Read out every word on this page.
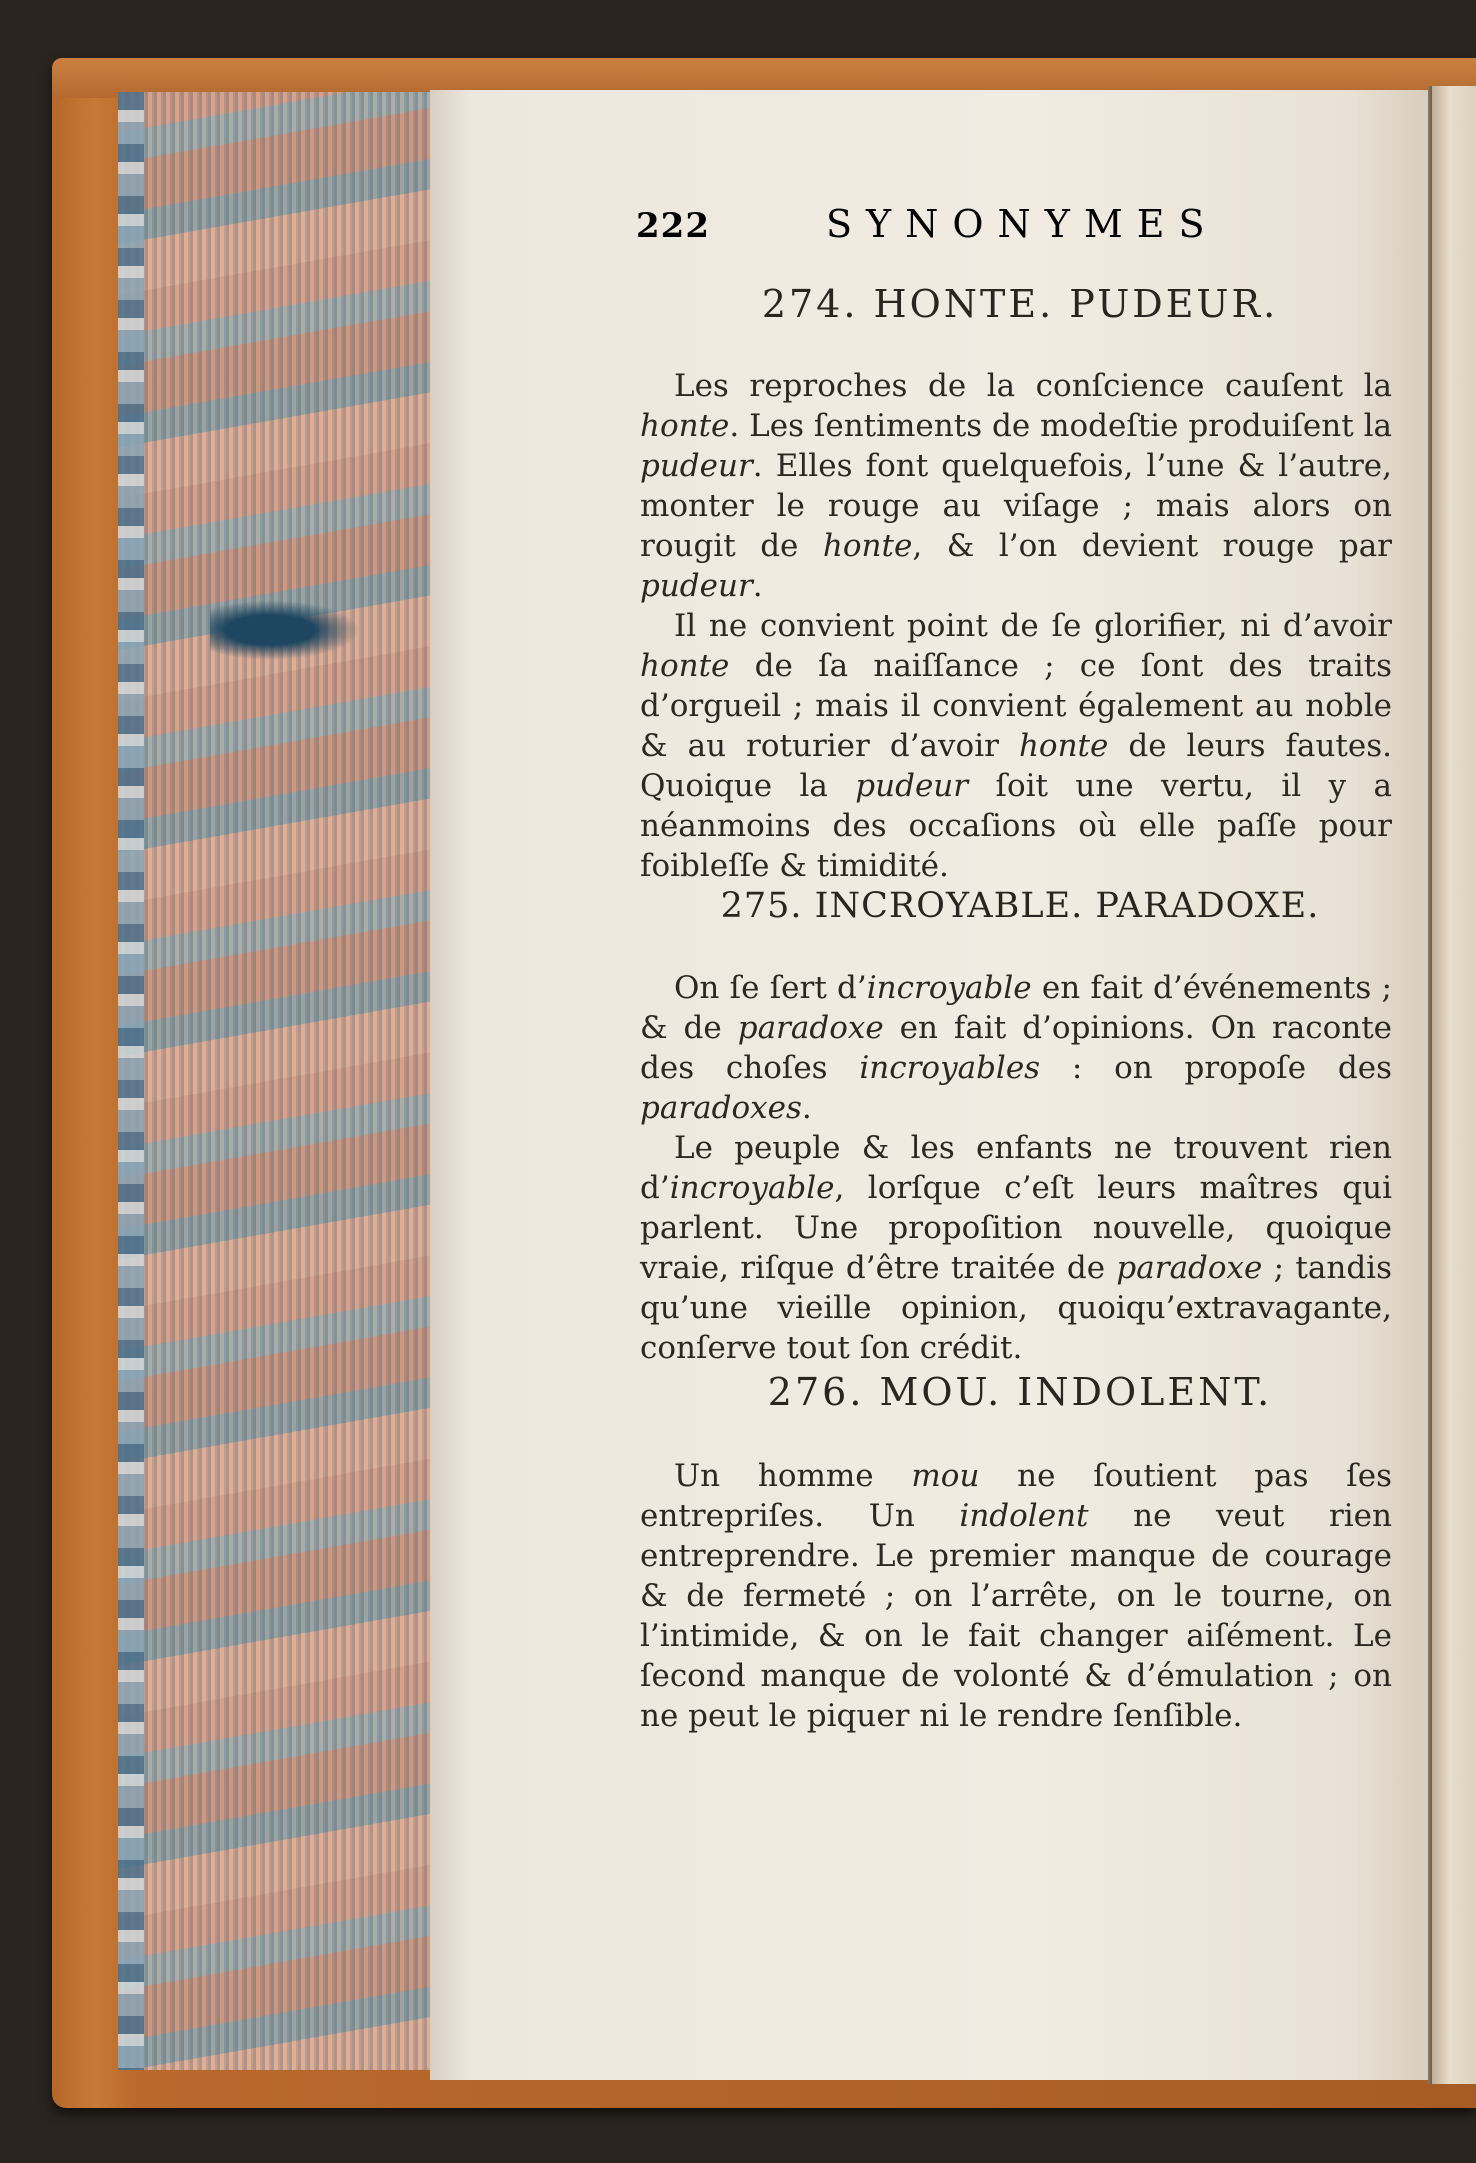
222	SYNONYMES
274. HONTE. PUDEUR.

Les reproches de la conſcience cauſent la honte. Les ſentiments de modeſtie produiſent la pudeur. Elles font quelquefois, l’une & l’autre, monter le rouge au viſage ; mais alors on rougit de honte, & l’on devient rouge par pudeur.

Il ne convient point de ſe glorifier, ni d’avoir honte de ſa naiſſance ; ce ſont des traits d’orgueil ; mais il convient également au noble & au roturier d’avoir honte de leurs fautes. Quoique la pudeur ſoit une vertu, il y a néanmoins des occaſions où elle paſſe pour foibleſſe & timidité.

275. INCROYABLE. PARADOXE.

On ſe ſert d’incroyable en fait d’événements ; & de paradoxe en fait d’opinions. On raconte des choſes incroyables : on propoſe des paradoxes.

Le peuple & les enfants ne trouvent rien d’incroyable, lorſque c’eſt leurs maîtres qui parlent. Une propoſition nouvelle, quoique vraie, riſque d’être traitée de paradoxe ; tandis qu’une vieille opinion, quoiqu’extravagante, conſerve tout ſon crédit.

276. MOU. INDOLENT.

Un homme mou ne ſoutient pas ſes entrepriſes. Un indolent ne veut rien entreprendre. Le premier manque de courage & de fermeté ; on l’arrête, on le tourne, on l’intimide, & on le fait changer aiſément. Le ſecond manque de volonté & d’émulation ; on ne peut le piquer ni le rendre ſenſible.
